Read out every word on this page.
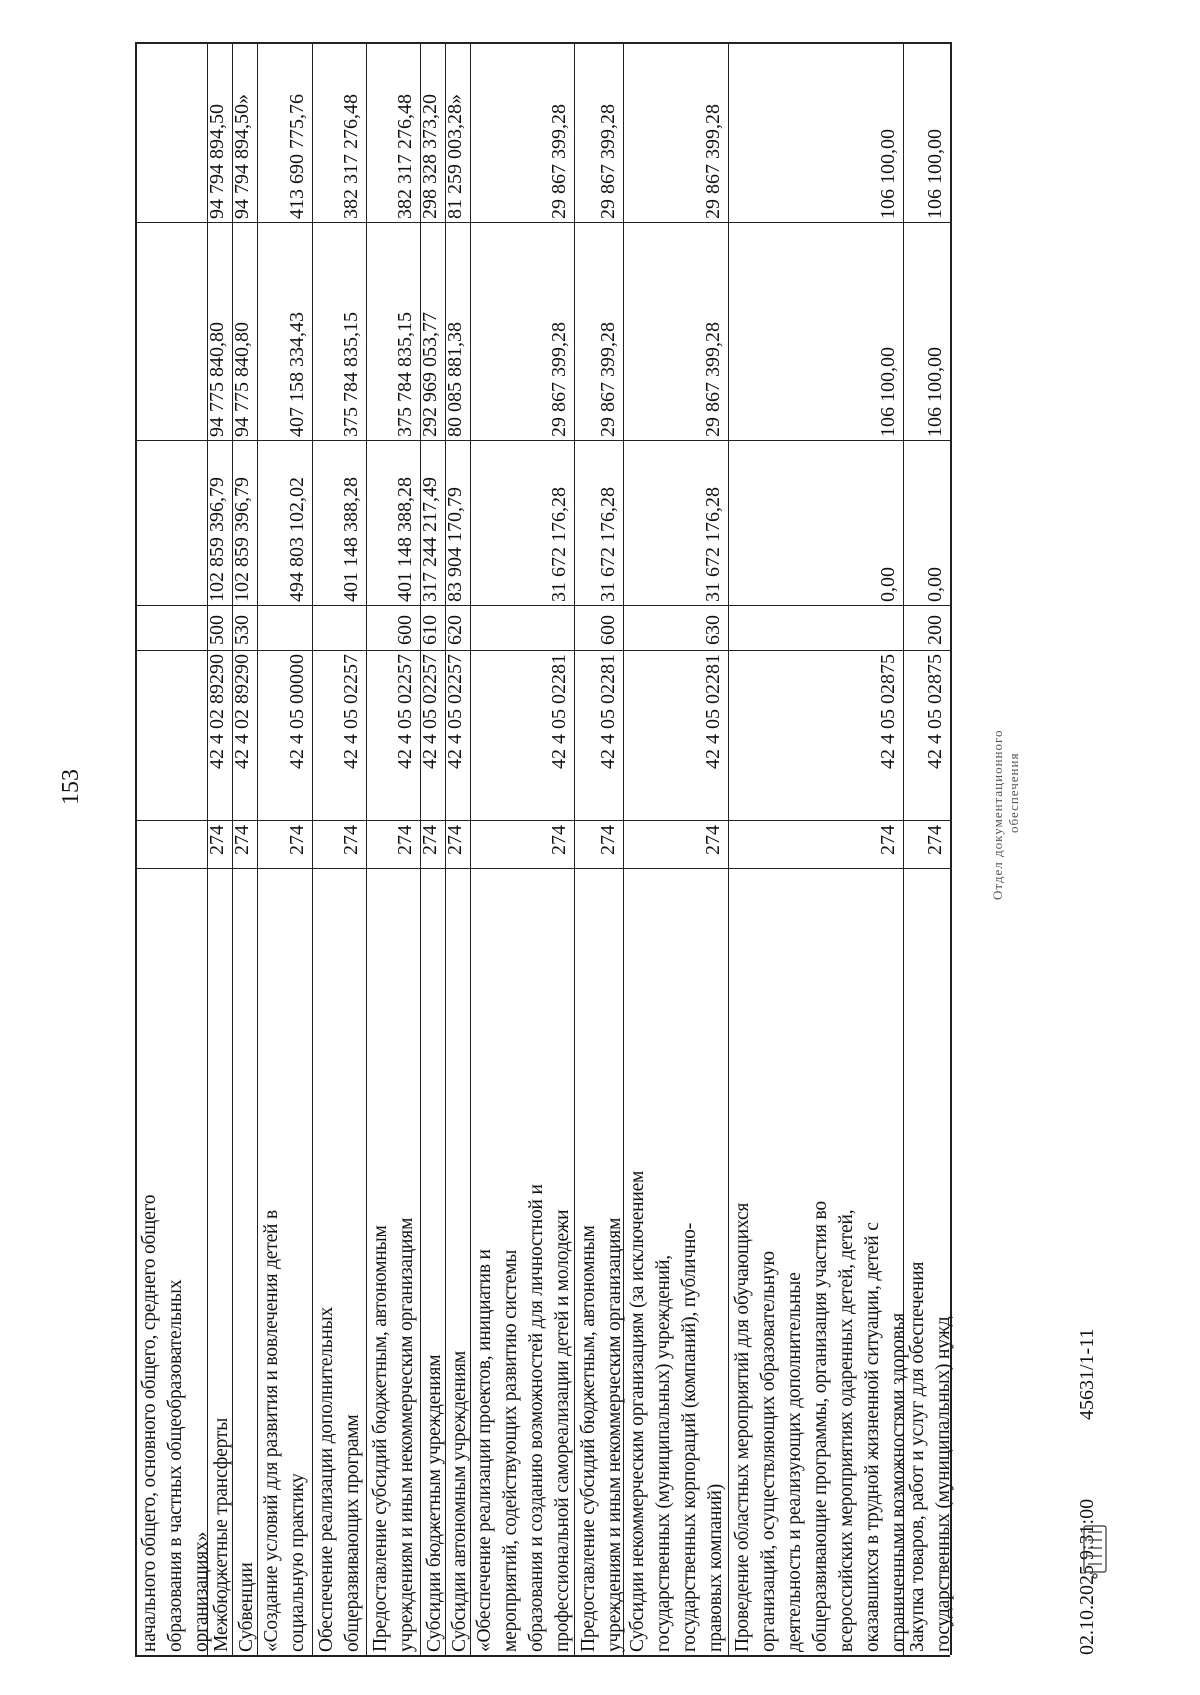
153
начального общего, основного общего, среднего общего
образования в частных общеобразовательных
организациях» Межбюджетные трансферты
274
42 4 02 89290
500
102 859 396,79
94 775 840,80
94 794 894,50
Субвенции
274
42 4 02 89290
530
102 859 396,79
94 775 840,80
94 794 894,50»
«Создание условий для развития и вовлечения детей в
социальную практику
274
42 4 05 00000
494 803 102,02
407 158 334,43
413 690 775,76
Обеспечение реализации дополнительных
общеразвивающих программ
274
42 4 05 02257
401 148 388,28
375 784 835,15
382 317 276,48
Предоставление субсидий бюджетным, автономным
учреждениям и иным некоммерческим организациям
274
42 4 05 02257
600
401 148 388,28
375 784 835,15
382 317 276,48
Субсидии бюджетным учреждениям
274
42 4 05 02257
610
317 244 217,49
292 969 053,77
298 328 373,20
Субсидии автономным учреждениям
274
42 4 05 02257
620
83 904 170,79
80 085 881,38
81 259 003,28»
«Обеспечение реализации проектов, инициатив и
мероприятий, содействующих развитию системы
образования и созданию возможностей для личностной и
профессиональной самореализации детей и молодежи
274
42 4 05 02281
31 672 176,28
29 867 399,28
29 867 399,28
Предоставление субсидий бюджетным, автономным
учреждениям и иным некоммерческим организациям
274
42 4 05 02281
600
31 672 176,28
29 867 399,28
29 867 399,28
Субсидии некоммерческим организациям (за исключением
государственных (муниципальных) учреждений,
государственных корпораций (компаний), публично-
правовых компаний)
274
42 4 05 02281
630
31 672 176,28
29 867 399,28
29 867 399,28
Проведение областных мероприятий для обучающихся
организаций, осуществляющих образовательную
деятельность и реализующих дополнительные
общеразвивающие программы, организация участия во
всероссийских мероприятиях одаренных детей, детей,
оказавшихся в трудной жизненной ситуации, детей с
ограниченными возможностями здоровья
274
42 4 05 02875
0,00
106 100,00
106 100,00
Закупка товаров, работ и услуг для обеспечения
государственных (муниципальных) нужд
274
42 4 05 02875
200
0,00
106 100,00
106 100,00
02.10.2025 9:31:00
45631/1-11
Отдел документационного обеспечения
